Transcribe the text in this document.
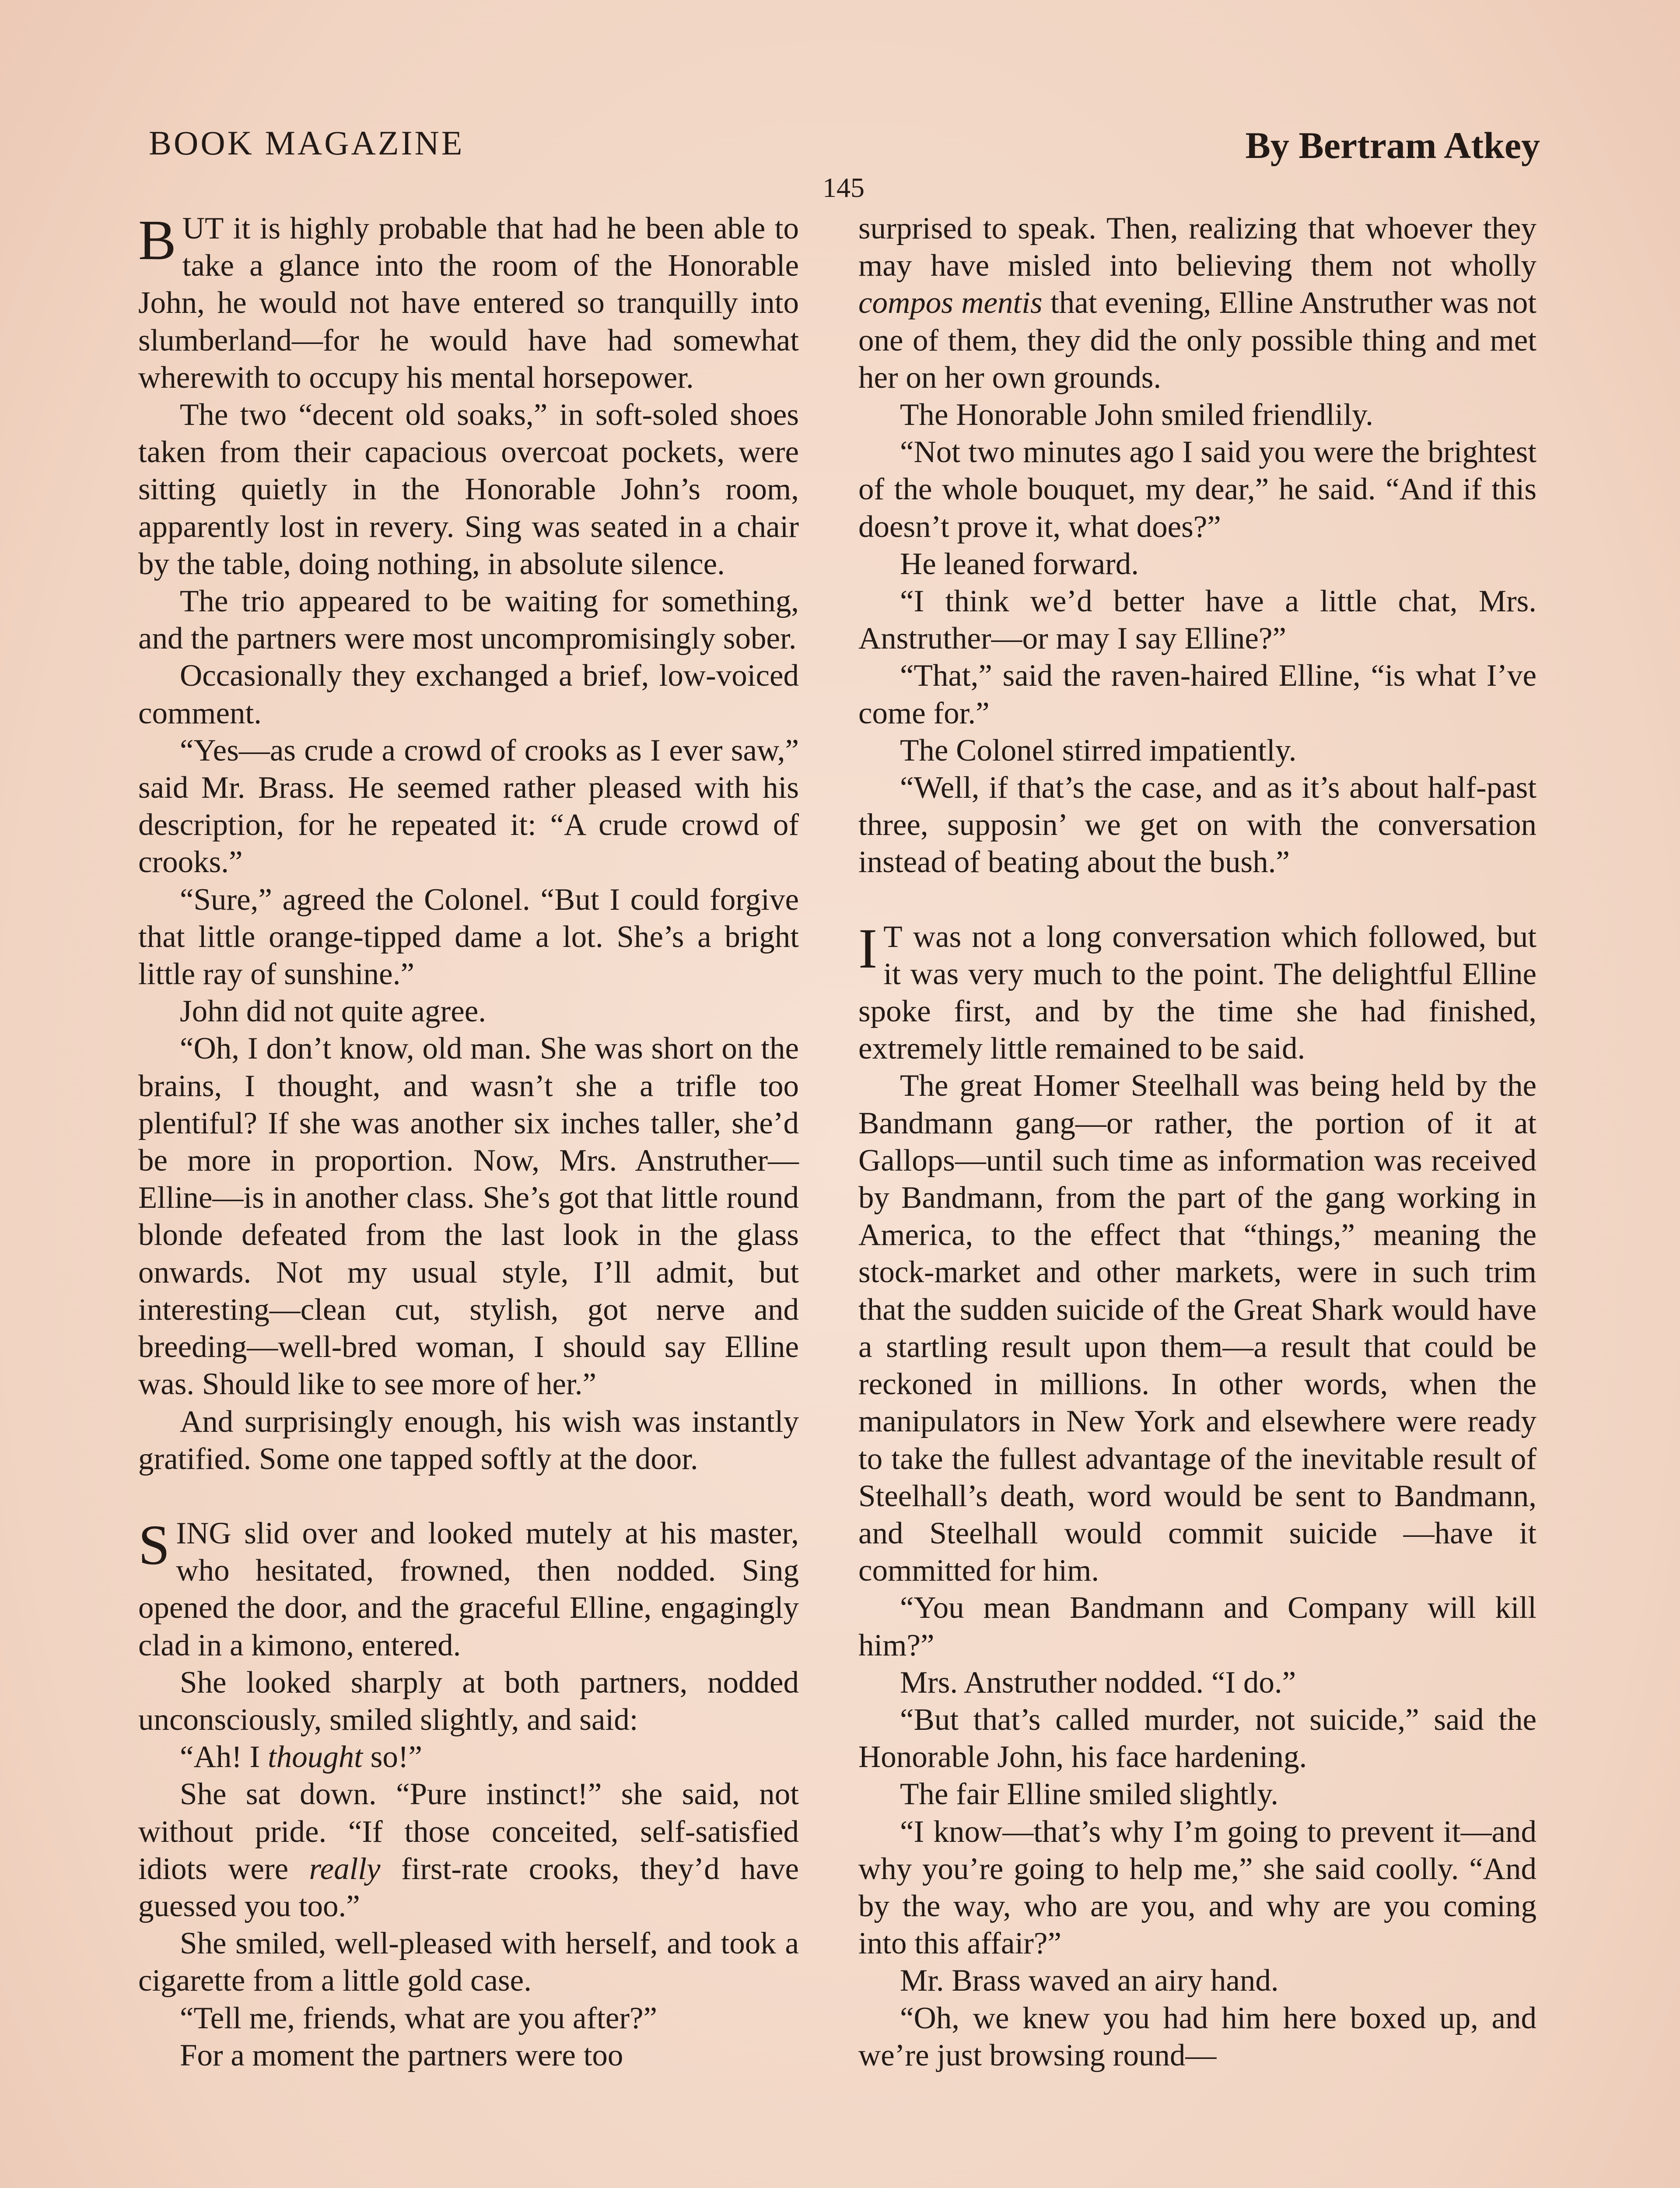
BOOK MAGAZINE	By Bertram Atkey
145

BUT it is highly probable that had he been able to take a glance into the room of the Honorable John, he would not have entered so tranquilly into slumberland—for he would have had somewhat wherewith to occupy his mental horsepower.

The two “decent old soaks,” in soft-soled shoes taken from their capacious overcoat pockets, were sitting quietly in the Honorable John’s room, apparently lost in revery. Sing was seated in a chair by the table, doing nothing, in absolute silence.

The trio appeared to be waiting for something, and the partners were most uncompromisingly sober.

Occasionally they exchanged a brief, low-voiced comment.

“Yes—as crude a crowd of crooks as I ever saw,” said Mr. Brass. He seemed rather pleased with his description, for he repeated it: “A crude crowd of crooks.”

“Sure,” agreed the Colonel. “But I could forgive that little orange-tipped dame a lot. She’s a bright little ray of sunshine.”

John did not quite agree.

“Oh, I don’t know, old man. She was short on the brains, I thought, and wasn’t she a trifle too plentiful? If she was another six inches taller, she’d be more in proportion. Now, Mrs. Anstruther—Elline—is in another class. She’s got that little round blonde defeated from the last look in the glass onwards. Not my usual style, I’ll admit, but interesting—clean cut, stylish, got nerve and breeding—well-bred woman, I should say Elline was. Should like to see more of her.”

And surprisingly enough, his wish was instantly gratified. Some one tapped softly at the door.

SING slid over and looked mutely at his master, who hesitated, frowned, then nodded. Sing opened the door, and the graceful Elline, engagingly clad in a kimono, entered.

She looked sharply at both partners, nodded unconsciously, smiled slightly, and said:

“Ah! I thought so!”

She sat down. “Pure instinct!” she said, not without pride. “If those conceited, self-satisfied idiots were really first-rate crooks, they’d have guessed you too.”

She smiled, well-pleased with herself, and took a cigarette from a little gold case.

“Tell me, friends, what are you after?”

For a moment the partners were too

surprised to speak. Then, realizing that whoever they may have misled into believing them not wholly compos mentis that evening, Elline Anstruther was not one of them, they did the only possible thing and met her on her own grounds.

The Honorable John smiled friendlily.

“Not two minutes ago I said you were the brightest of the whole bouquet, my dear,” he said. “And if this doesn’t prove it, what does?”

He leaned forward.

“I think we’d better have a little chat, Mrs. Anstruther—or may I say Elline?”

“That,” said the raven-haired Elline, “is what I’ve come for.”

The Colonel stirred impatiently.

“Well, if that’s the case, and as it’s about half-past three, supposin’ we get on with the conversation instead of beating about the bush.”

I T was not a long conversation which followed, but it was very much to the point. The delightful Elline spoke first, and by the time she had finished, extremely little remained to be said.

The great Homer Steelhall was being held by the Bandmann gang—or rather, the portion of it at Gallops—until such time as information was received by Bandmann, from the part of the gang working in America, to the effect that “things,” meaning the stock-market and other markets, were in such trim that the sudden suicide of the Great Shark would have a startling result upon them—a result that could be reckoned in millions. In other words, when the manipulators in New York and elsewhere were ready to take the fullest advantage of the inevitable result of Steelhall’s death, word would be sent to Bandmann, and Steelhall would commit suicide —have it committed for him.

“You mean Bandmann and Company will kill him?”

Mrs. Anstruther nodded. “I do.”

“But that’s called murder, not suicide,” said the Honorable John, his face hardening.

The fair Elline smiled slightly.

“I know—that’s why I’m going to prevent it—and why you’re going to help me,” she said coolly. “And by the way, who are you, and why are you coming into this affair?”

Mr. Brass waved an airy hand.

“Oh, we knew you had him here boxed up, and we’re just browsing round—
